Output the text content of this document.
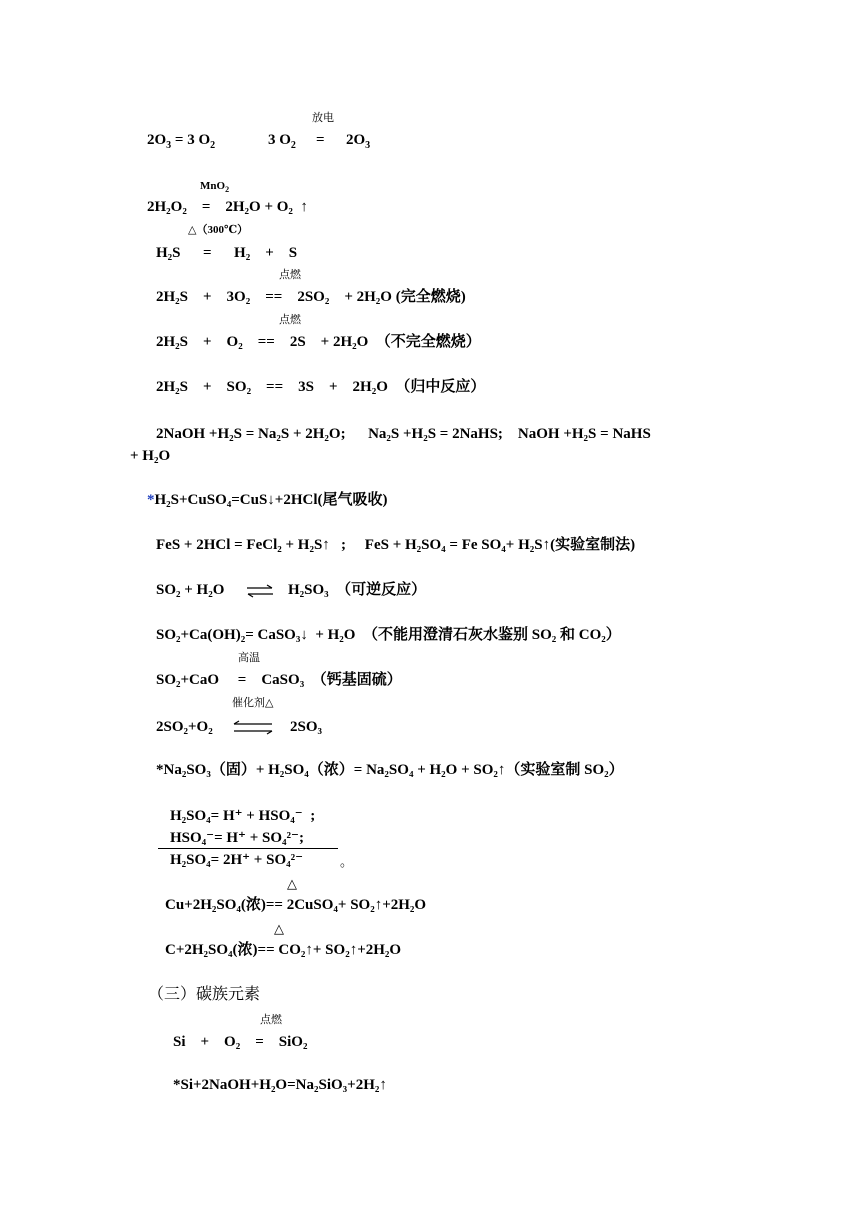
放电
$2O_3 = 3$ $O_2$	3 $O_2 = 2O_3$
MnO$_2$
2H₂O₂    =    2H₂O + O₂  ↑
△（300℃）
H₂S      =      H₂    +    S
点燃
2H₂S    +    3O₂    ==    2SO₂    + 2H₂O (完全燃烧)
点燃
2H₂S    +    O₂    ==    2S    + 2H₂O  （不完全燃烧）
2H₂S    +    SO₂    ==    3S    +    2H₂O  （归中反应）
2NaOH +H₂S = Na₂S + 2H₂O;      Na₂S +H₂S = 2NaHS;    NaOH +H₂S = NaHS
+ H₂O
*H₂S+CuSO₄=CuS↓+2HCl(尾气吸收)
FeS + 2HCl = FeCl₂ + H₂S↑   ;     FeS + H₂SO₄ = Fe SO₄+ H₂S↑(实验室制法)
SO₂ + H₂O ⇌ H₂SO₃  （可逆反应）
SO₂+Ca(OH)₂= CaSO₃↓  + H₂O  （不能用澄清石灰水鉴别 SO₂ 和 CO₂）
高温
SO₂+CaO     =    CaSO₃  （钙基固硫）
催化剂△
2SO₂+O₂ ⇌ 2SO₃
*Na₂SO₃（固）+ H₂SO₄（浓）= Na₂SO₄ + H₂O + SO₂↑（实验室制 SO₂）
H₂SO₄= H⁺ + HSO₄⁻  ;
HSO₄⁻= H⁺ + SO₄²⁻;
H₂SO₄= 2H⁺ + SO₄²⁻	。
△
Cu+2H₂SO₄(浓)== 2CuSO₄+ SO₂↑+2H₂O
△
C+2H₂SO₄(浓)== CO₂↑+ SO₂↑+2H₂O
（三）碳族元素
点燃
Si    +    O₂    =    SiO₂
*Si+2NaOH+H₂O=Na₂SiO₃+2H₂↑
